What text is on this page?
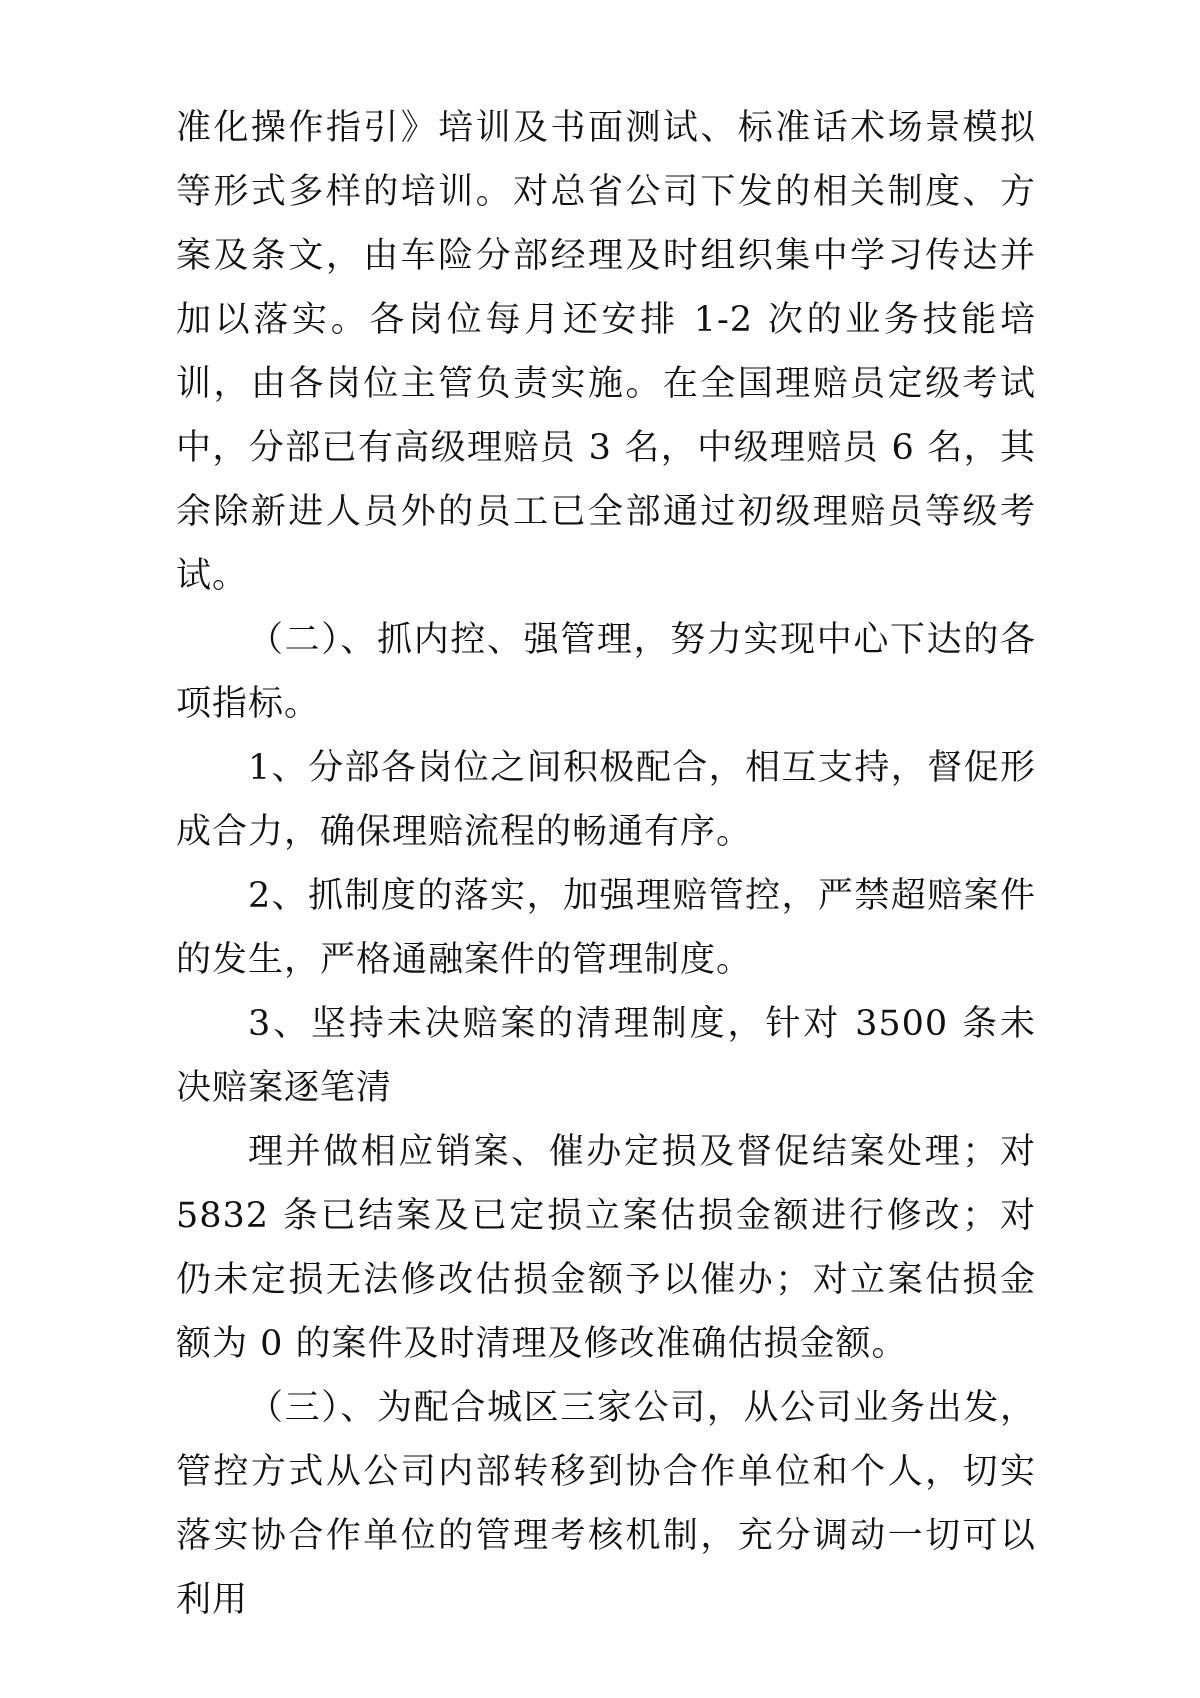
准化操作指引》培训及书面测试、标准话术场景模拟等形式多样的培训。对总省公司下发的相关制度、方案及条文，由车险分部经理及时组织集中学习传达并加以落实。各岗位每月还安排 1-2 次的业务技能培训，由各岗位主管负责实施。在全国理赔员定级考试中，分部已有高级理赔员 3 名，中级理赔员 6 名，其余除新进人员外的员工已全部通过初级理赔员等级考试。

（二）、抓内控、强管理，努力实现中心下达的各项指标。

1、分部各岗位之间积极配合，相互支持，督促形成合力，确保理赔流程的畅通有序。

2、抓制度的落实，加强理赔管控，严禁超赔案件的发生，严格通融案件的管理制度。

3、坚持未决赔案的清理制度，针对 3500 条未决赔案逐笔清

理并做相应销案、催办定损及督促结案处理；对 5832 条已结案及已定损立案估损金额进行修改；对仍未定损无法修改估损金额予以催办；对立案估损金额为 0 的案件及时清理及修改准确估损金额。

（三）、为配合城区三家公司，从公司业务出发，管控方式从公司内部转移到协合作单位和个人，切实落实协合作单位的管理考核机制，充分调动一切可以利用
